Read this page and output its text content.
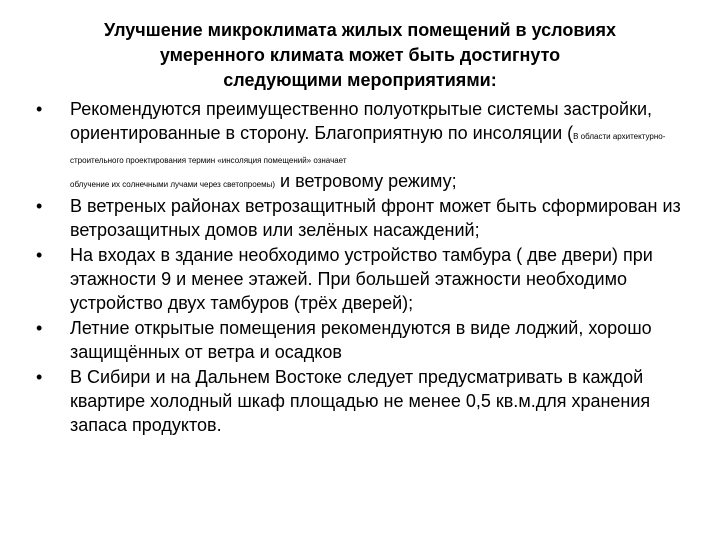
Улучшение микроклимата жилых помещений в условиях
умеренного климата может быть достигнуто
следующими мероприятиями:
•	Рекомендуются преимущественно полуоткрытые системы застройки, ориентированные в сторону. Благоприятную по инсоляции (В области архитектурно-строительного проектирования термин «инсоляция помещений» означает
облучение их солнечными лучами через светопроемы) и ветровому режиму;
•	В ветреных районах ветрозащитный фронт может быть сформирован из ветрозащитных домов или зелёных насаждений;
•	На входах в здание необходимо устройство тамбура ( две двери) при этажности 9 и менее этажей. При большей этажности необходимо устройство двух тамбуров (трёх дверей);
•	Летние открытые помещения рекомендуются в виде лоджий, хорошо защищённых от ветра и осадков
•	В Сибири и на Дальнем Востоке следует предусматривать в каждой квартире холодный шкаф площадью не менее 0,5 кв.м.для хранения запаса продуктов.
